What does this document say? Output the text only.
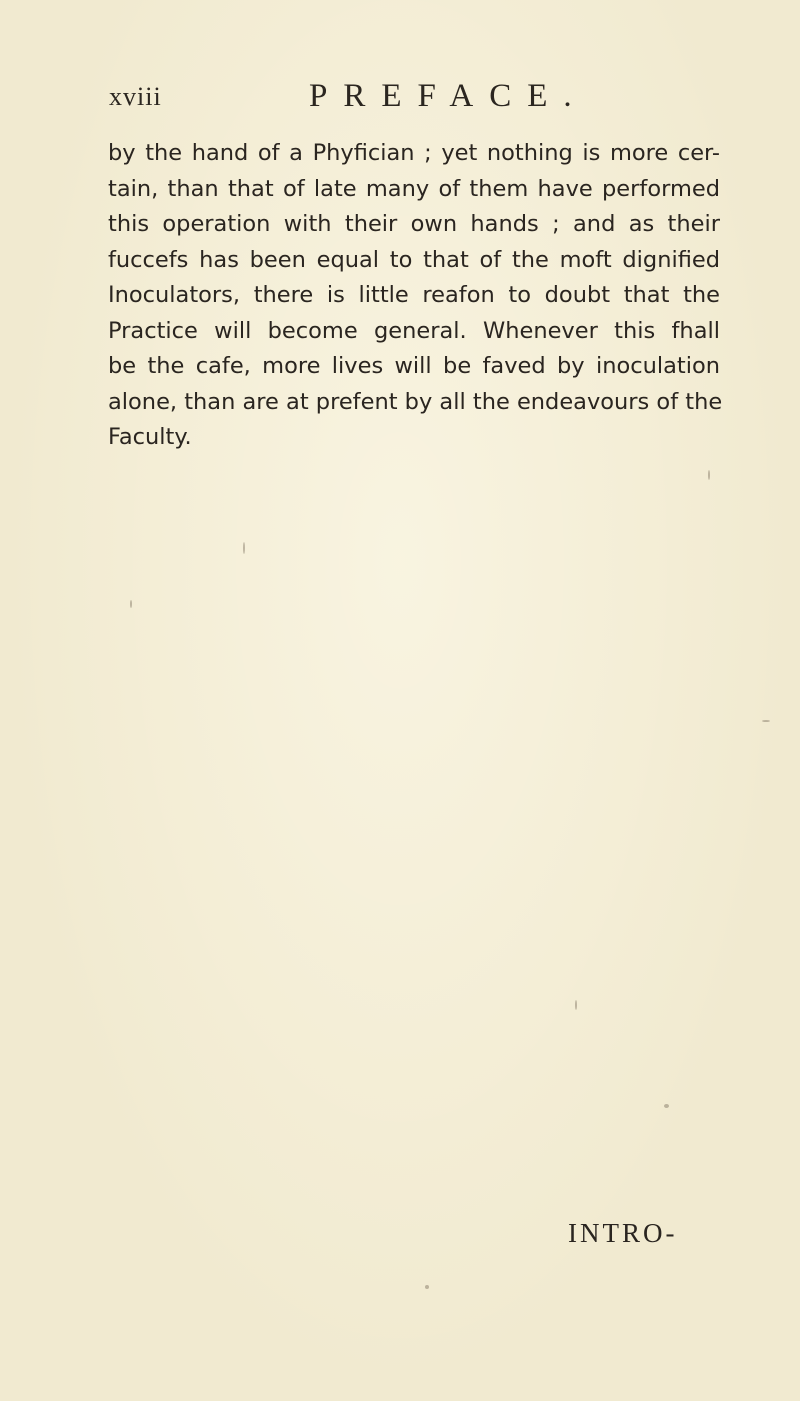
xviii	PREFACE.
by the hand of a Phyfician ; yet nothing is more cer-
tain, than that of late many of them have performed
this operation with their own hands ; and as their
fuccefs has been equal to that of the moft dignified
Inoculators, there is little reafon to doubt that the
Practice will become general. Whenever this fhall
be the cafe, more lives will be faved by inoculation
alone, than are at prefent by all the endeavours of the
Faculty.
INTRO-
